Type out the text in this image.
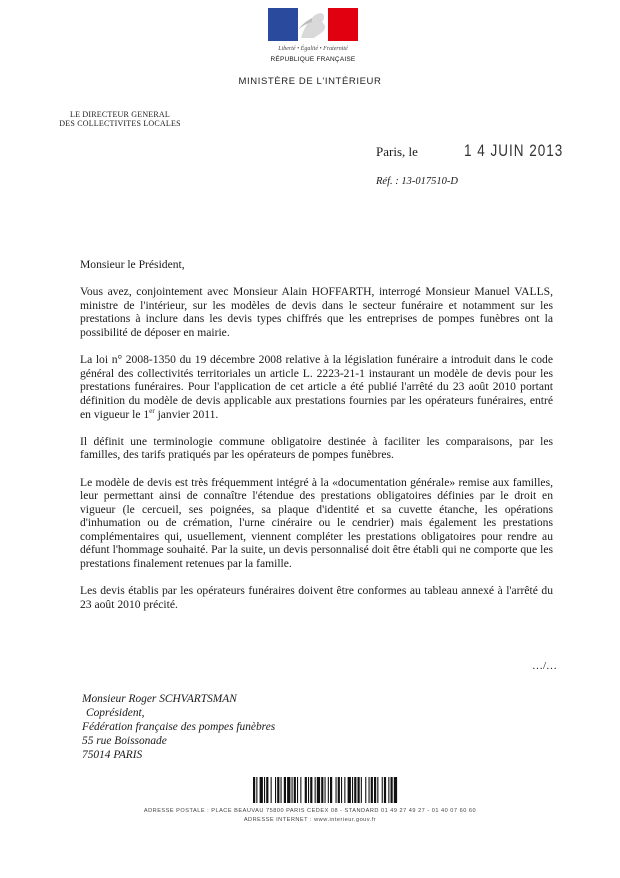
Liberté • Égalité • Fraternité
RÉPUBLIQUE FRANÇAISE
MINISTÈRE DE L'INTÉRIEUR
LE DIRECTEUR GENERAL
DES COLLECTIVITES LOCALES
Paris, le	1 4 JUIN 2013
Réf. : 13-017510-D
Monsieur le Président,

Vous avez, conjointement avec Monsieur Alain HOFFARTH, interrogé Monsieur Manuel VALLS, ministre de l'intérieur, sur les modèles de devis dans le secteur funéraire et notamment sur les prestations à inclure dans les devis types chiffrés que les entreprises de pompes funèbres ont la possibilité de déposer en mairie.

La loi n° 2008-1350 du 19 décembre 2008 relative à la législation funéraire a introduit dans le code général des collectivités territoriales un article L. 2223-21-1 instaurant un modèle de devis pour les prestations funéraires. Pour l'application de cet article a été publié l'arrêté du 23 août 2010 portant définition du modèle de devis applicable aux prestations fournies par les opérateurs funéraires, entré en vigueur le 1er janvier 2011.

Il définit une terminologie commune obligatoire destinée à faciliter les comparaisons, par les familles, des tarifs pratiqués par les opérateurs de pompes funèbres.

Le modèle de devis est très fréquemment intégré à la «documentation générale» remise aux familles, leur permettant ainsi de connaître l'étendue des prestations obligatoires définies par le droit en vigueur (le cercueil, ses poignées, sa plaque d'identité et sa cuvette étanche, les opérations d'inhumation ou de crémation, l'urne cinéraire ou le cendrier) mais également les prestations complémentaires qui, usuellement, viennent compléter les prestations obligatoires pour rendre au défunt l'hommage souhaité. Par la suite, un devis personnalisé doit être établi qui ne comporte que les prestations finalement retenues par la famille.

Les devis établis par les opérateurs funéraires doivent être conformes au tableau annexé à l'arrêté du 23 août 2010 précité.

…/…
Monsieur Roger SCHVARTSMAN
Coprésident,
Fédération française des pompes funèbres
55 rue Boissonade
75014 PARIS
ADRESSE POSTALE : PLACE BEAUVAU 75800 PARIS CEDEX 08 - STANDARD 01 49 27 49 27 - 01 40 07 60 60
ADRESSE INTERNET : www.interieur.gouv.fr
